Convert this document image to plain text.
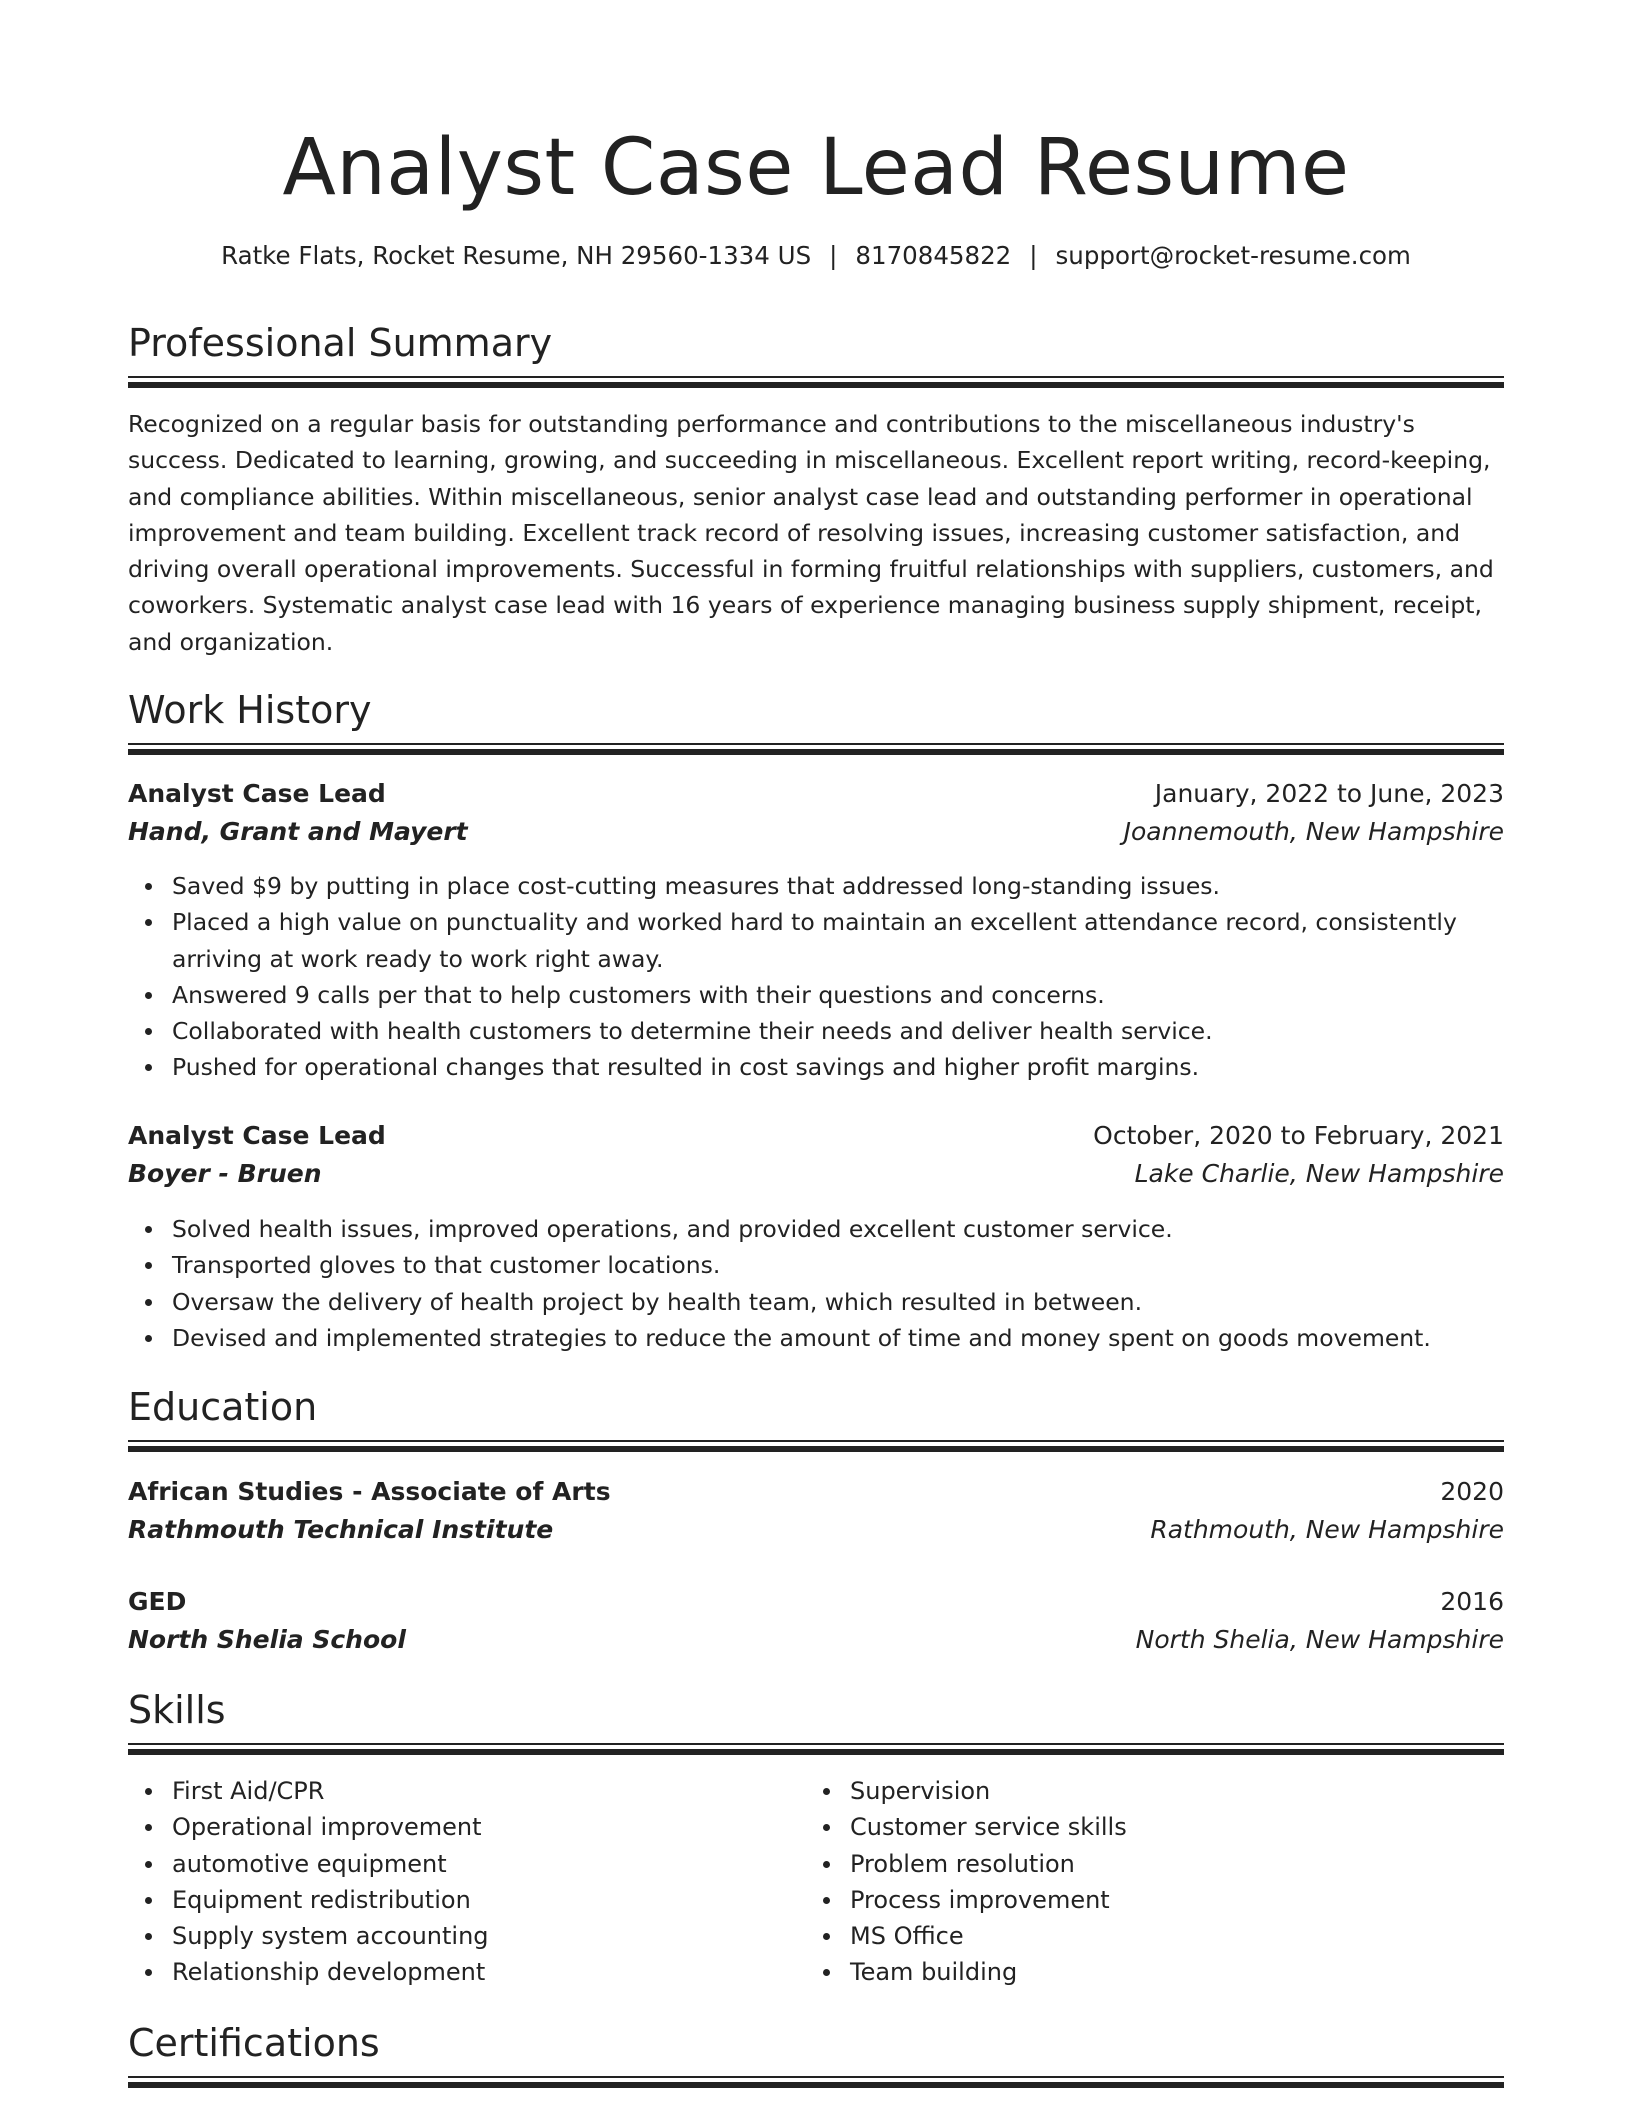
Analyst Case Lead Resume
Ratke Flats, Rocket Resume, NH 29560-1334 US | 8170845822 | support@rocket-resume.com
Professional Summary
Recognized on a regular basis for outstanding performance and contributions to the miscellaneous industry's success. Dedicated to learning, growing, and succeeding in miscellaneous. Excellent report writing, record-keeping, and compliance abilities. Within miscellaneous, senior analyst case lead and outstanding performer in operational improvement and team building. Excellent track record of resolving issues, increasing customer satisfaction, and driving overall operational improvements. Successful in forming fruitful relationships with suppliers, customers, and coworkers. Systematic analyst case lead with 16 years of experience managing business supply shipment, receipt, and organization.
Work History
Analyst Case Lead	January, 2022 to June, 2023
Hand, Grant and Mayert	Joannemouth, New Hampshire
Saved $9 by putting in place cost-cutting measures that addressed long-standing issues.
Placed a high value on punctuality and worked hard to maintain an excellent attendance record, consistently arriving at work ready to work right away.
Answered 9 calls per that to help customers with their questions and concerns.
Collaborated with health customers to determine their needs and deliver health service.
Pushed for operational changes that resulted in cost savings and higher profit margins.
Analyst Case Lead	October, 2020 to February, 2021
Boyer - Bruen	Lake Charlie, New Hampshire
Solved health issues, improved operations, and provided excellent customer service.
Transported gloves to that customer locations.
Oversaw the delivery of health project by health team, which resulted in between.
Devised and implemented strategies to reduce the amount of time and money spent on goods movement.
Education
African Studies - Associate of Arts	2020
Rathmouth Technical Institute	Rathmouth, New Hampshire
GED	2016
North Shelia School	North Shelia, New Hampshire
Skills
First Aid/CPR
Operational improvement
automotive equipment
Equipment redistribution
Supply system accounting
Relationship development
Supervision
Customer service skills
Problem resolution
Process improvement
MS Office
Team building
Certifications
